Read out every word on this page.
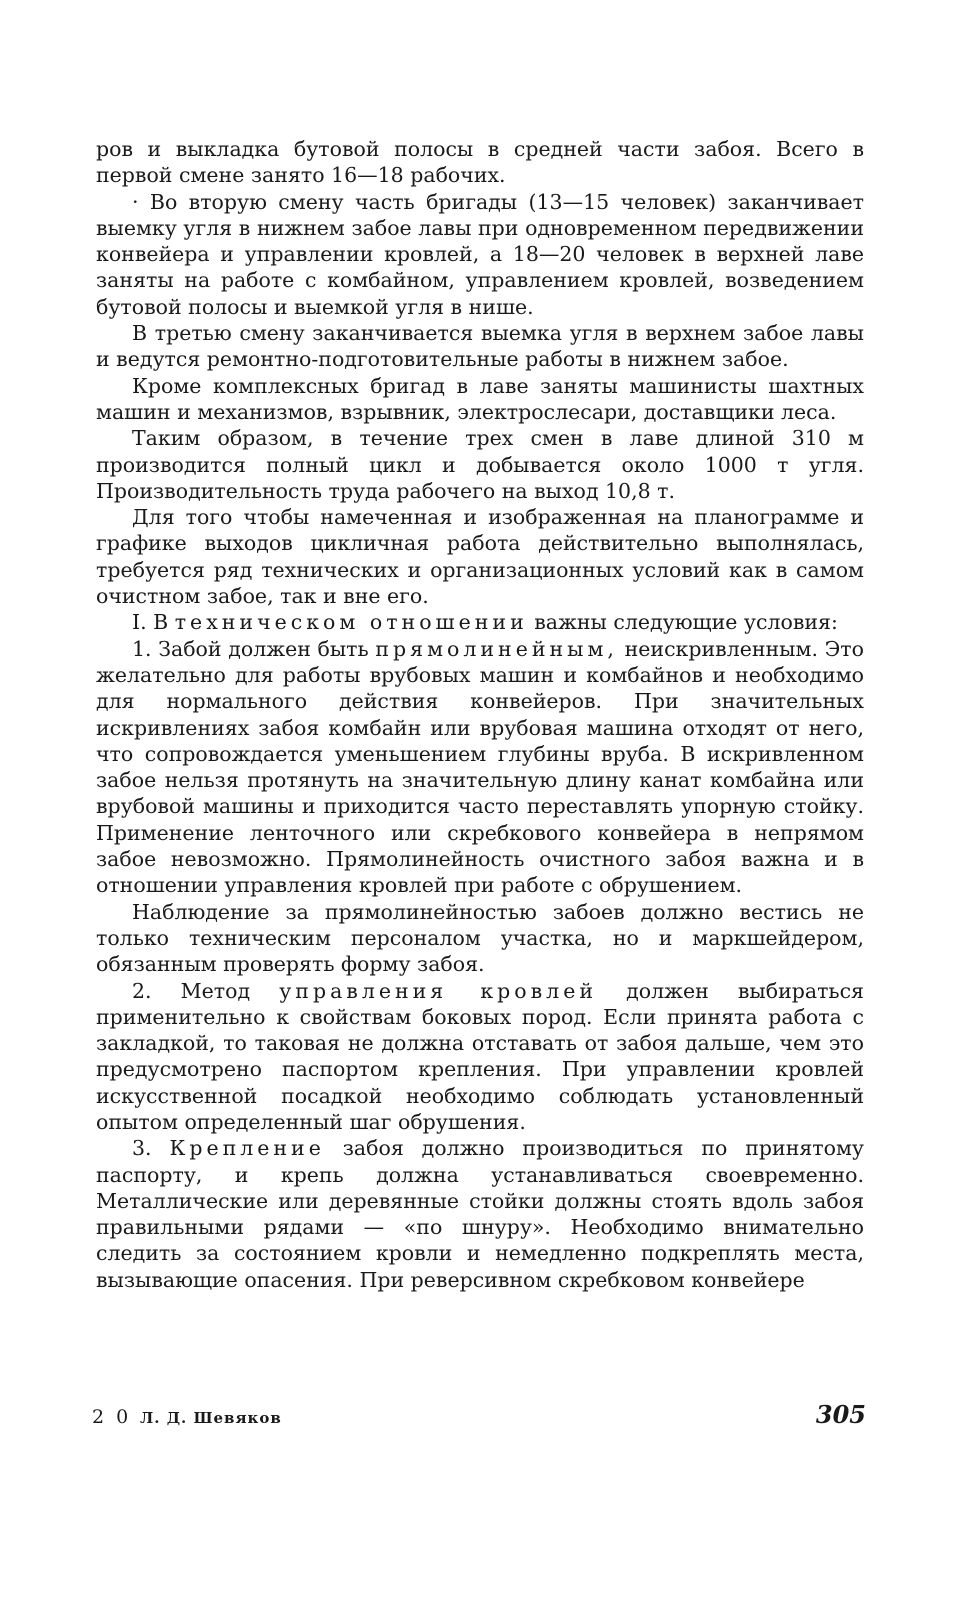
ров и выкладка бутовой полосы в средней части забоя. Всего в первой смене занято 16—18 рабочих.

· Во вторую смену часть бригады (13—15 человек) заканчивает выемку угля в нижнем забое лавы при одновременном передвижении конвейера и управлении кровлей, а 18—20 человек в верхней лаве заняты на работе с комбайном, управлением кровлей, возведением бутовой полосы и выемкой угля в нише.

В третью смену заканчивается выемка угля в верхнем забое лавы и ведутся ремонтно-подготовительные работы в нижнем забое.

Кроме комплексных бригад в лаве заняты машинисты шахтных машин и механизмов, взрывник, электрослесари, доставщики леса.

Таким образом, в течение трех смен в лаве длиной 310 м производится полный цикл и добывается около 1000 т угля. Производительность труда рабочего на выход 10,8 т.

Для того чтобы намеченная и изображенная на планограмме и графике выходов цикличная работа действительно выполнялась, требуется ряд технических и организационных условий как в самом очистном забое, так и вне его.

I. В техническом отношении важны следующие условия:

1. Забой должен быть прямолинейным, неискривленным. Это желательно для работы врубовых машин и комбайнов и необходимо для нормального действия конвейеров. При значительных искривлениях забоя комбайн или врубовая машина отходят от него, что сопровождается уменьшением глубины вруба. В искривленном забое нельзя протянуть на значительную длину канат комбайна или врубовой машины и приходится часто переставлять упорную стойку. Применение ленточного или скребкового конвейера в непрямом забое невозможно. Прямолинейность очистного забоя важна и в отношении управления кровлей при работе с обрушением.

Наблюдение за прямолинейностью забоев должно вестись не только техническим персоналом участка, но и маркшейдером, обязанным проверять форму забоя.

2. Метод управления кровлей должен выбираться применительно к свойствам боковых пород. Если принята работа с закладкой, то таковая не должна отставать от забоя дальше, чем это предусмотрено паспортом крепления. При управлении кровлей искусственной посадкой необходимо соблюдать установленный опытом определенный шаг обрушения.

3. Крепление забоя должно производиться по принятому паспорту, и крепь должна устанавливаться своевременно. Металлические или деревянные стойки должны стоять вдоль забоя правильными рядами — «по шнуру». Необходимо внимательно следить за состоянием кровли и немедленно подкреплять места, вызывающие опасения. При реверсивном скребковом конвейере

2 0 Л. Д. Шевяков	305
